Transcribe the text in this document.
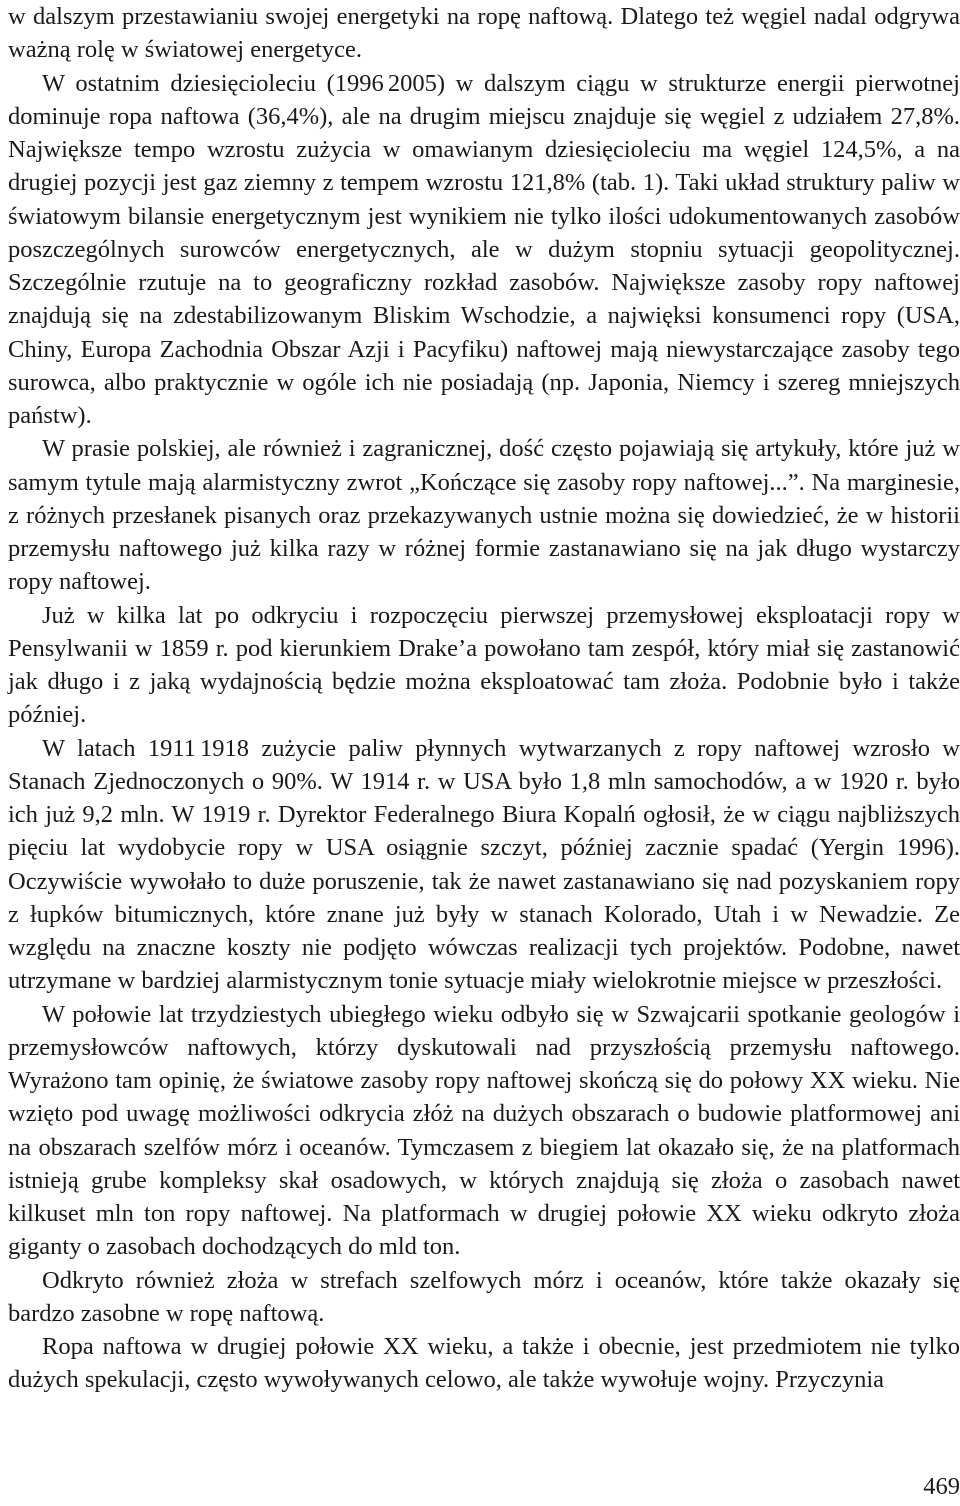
w dalszym przestawianiu swojej energetyki na ropę naftową. Dlatego też węgiel nadal odgrywa ważną rolę w światowej energetyce.

W ostatnim dziesięcioleciu (1996 2005) w dalszym ciągu w strukturze energii pierwotnej dominuje ropa naftowa (36,4%), ale na drugim miejscu znajduje się węgiel z udziałem 27,8%. Największe tempo wzrostu zużycia w omawianym dziesięcioleciu ma węgiel 124,5%, a na drugiej pozycji jest gaz ziemny z tempem wzrostu 121,8% (tab. 1). Taki układ struktury paliw w światowym bilansie energetycznym jest wynikiem nie tylko ilości udokumentowanych zasobów poszczególnych surowców energetycznych, ale w dużym stopniu sytuacji geopolitycznej. Szczególnie rzutuje na to geograficzny rozkład zasobów. Największe zasoby ropy naftowej znajdują się na zdestabilizowanym Bliskim Wschodzie, a najwięksi konsumenci ropy (USA, Chiny, Europa Zachodnia Obszar Azji i Pacyfiku) naftowej mają niewystarczające zasoby tego surowca, albo praktycznie w ogóle ich nie posiadają (np. Japonia, Niemcy i szereg mniejszych państw).

W prasie polskiej, ale również i zagranicznej, dość często pojawiają się artykuły, które już w samym tytule mają alarmistyczny zwrot „Kończące się zasoby ropy naftowej...”. Na marginesie, z różnych przesłanek pisanych oraz przekazywanych ustnie można się dowiedzieć, że w historii przemysłu naftowego już kilka razy w różnej formie zastanawiano się na jak długo wystarczy ropy naftowej.

Już w kilka lat po odkryciu i rozpoczęciu pierwszej przemysłowej eksploatacji ropy w Pensylwanii w 1859 r. pod kierunkiem Drake’a powołano tam zespół, który miał się zastanowić jak długo i z jaką wydajnością będzie można eksploatować tam złoża. Podobnie było i także później.

W latach 1911 1918 zużycie paliw płynnych wytwarzanych z ropy naftowej wzrosło w Stanach Zjednoczonych o 90%. W 1914 r. w USA było 1,8 mln samochodów, a w 1920 r. było ich już 9,2 mln. W 1919 r. Dyrektor Federalnego Biura Kopalń ogłosił, że w ciągu najbliższych pięciu lat wydobycie ropy w USA osiągnie szczyt, później zacznie spadać (Yergin 1996). Oczywiście wywołało to duże poruszenie, tak że nawet zastanawiano się nad pozyskaniem ropy z łupków bitumicznych, które znane już były w stanach Kolorado, Utah i w Newadzie. Ze względu na znaczne koszty nie podjęto wówczas realizacji tych projektów. Podobne, nawet utrzymane w bardziej alarmistycznym tonie sytuacje miały wielokrotnie miejsce w przeszłości.

W połowie lat trzydziestych ubiegłego wieku odbyło się w Szwajcarii spotkanie geologów i przemysłowców naftowych, którzy dyskutowali nad przyszłością przemysłu naftowego. Wyrażono tam opinię, że światowe zasoby ropy naftowej skończą się do połowy XX wieku. Nie wzięto pod uwagę możliwości odkrycia złóż na dużych obszarach o budowie platformowej ani na obszarach szelfów mórz i oceanów. Tymczasem z biegiem lat okazało się, że na platformach istnieją grube kompleksy skał osadowych, w których znajdują się złoża o zasobach nawet kilkuset mln ton ropy naftowej. Na platformach w drugiej połowie XX wieku odkryto złoża giganty o zasobach dochodzących do mld ton.

Odkryto również złoża w strefach szelfowych mórz i oceanów, które także okazały się bardzo zasobne w ropę naftową.

Ropa naftowa w drugiej połowie XX wieku, a także i obecnie, jest przedmiotem nie tylko dużych spekulacji, często wywoływanych celowo, ale także wywołuje wojny. Przyczynia

469
